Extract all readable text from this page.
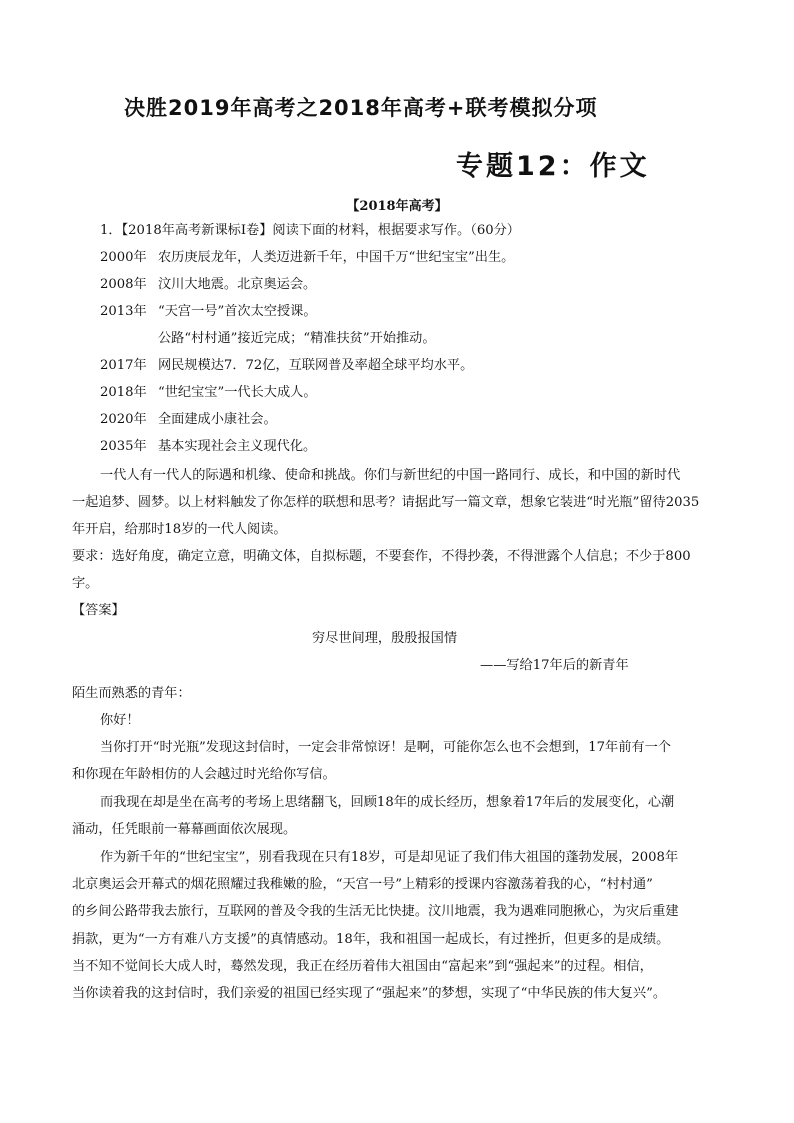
决胜2019年高考之2018年高考+联考模拟分项
专题12：作文
【2018年高考】
1．【2018年高考新课标Ⅰ卷】阅读下面的材料，根据要求写作。（60分）
2000年 农历庚辰龙年，人类迈进新千年，中国千万“世纪宝宝”出生。
2008年 汶川大地震。北京奥运会。
2013年 “天宫一号”首次太空授课。
公路“村村通”接近完成；“精准扶贫”开始推动。
2017年 网民规模达7．72亿，互联网普及率超全球平均水平。
2018年 “世纪宝宝”一代长大成人。
2020年 全面建成小康社会。
2035年 基本实现社会主义现代化。
一代人有一代人的际遇和机缘、使命和挑战。你们与新世纪的中国一路同行、成长，和中国的新时代
一起追梦、圆梦。以上材料触发了你怎样的联想和思考？请据此写一篇文章，想象它装进“时光瓶”留待2035
年开启，给那时18岁的一代人阅读。
要求：选好角度，确定立意，明确文体，自拟标题，不要套作，不得抄袭，不得泄露个人信息；不少于800
字。
【答案】
穷尽世间理，殷殷报国情
——写给17年后的新青年
陌生而熟悉的青年：
你好！
当你打开“时光瓶”发现这封信时，一定会非常惊讶！是啊，可能你怎么也不会想到，17年前有一个
和你现在年龄相仿的人会越过时光给你写信。
而我现在却是坐在高考的考场上思绪翻飞，回顾18年的成长经历，想象着17年后的发展变化，心潮
涌动，任凭眼前一幕幕画面依次展现。
作为新千年的“世纪宝宝”，别看我现在只有18岁，可是却见证了我们伟大祖国的蓬勃发展，2008年
北京奥运会开幕式的烟花照耀过我稚嫩的脸，“天宫一号”上精彩的授课内容激荡着我的心，“村村通”
的乡间公路带我去旅行，互联网的普及令我的生活无比快捷。汶川地震，我为遇难同胞揪心，为灾后重建
捐款，更为“一方有难八方支援”的真情感动。18年，我和祖国一起成长，有过挫折，但更多的是成绩。
当不知不觉间长大成人时，蓦然发现，我正在经历着伟大祖国由“富起来”到“强起来”的过程。相信，
当你读着我的这封信时，我们亲爱的祖国已经实现了“强起来”的梦想，实现了“中华民族的伟大复兴”。
